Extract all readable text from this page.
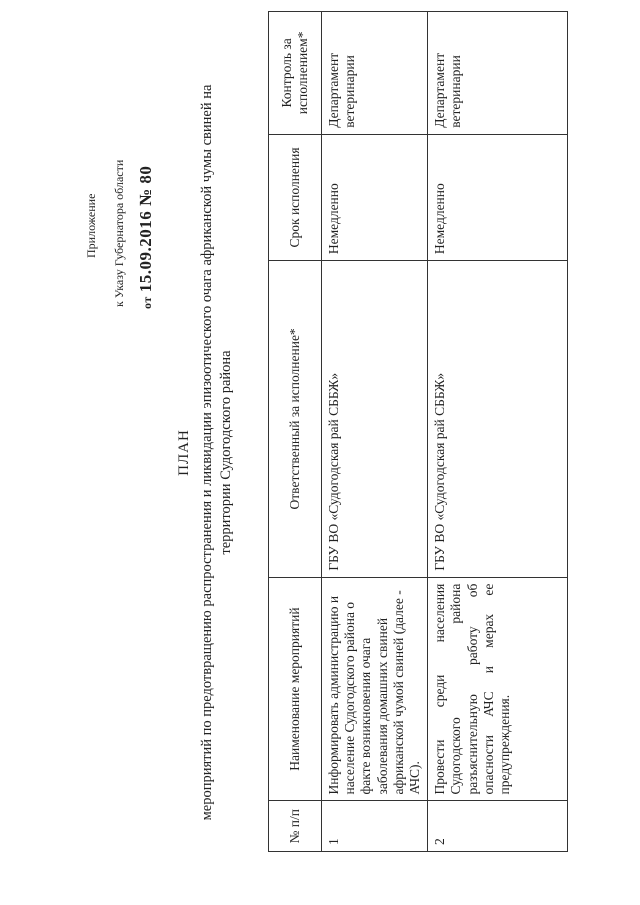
Приложение к Указу Губернатора области	от15.09.2016 № 80
ПЛАН мероприятий по предотвращению распространения и ликвидации эпизоотического очага африканской чумы свиней на территории Судогодского района
№ п/п	Наименование мероприятий	Ответственный за исполнение*	Срок исполнения	Контроль за исполнением*
1	Информировать администрацию и население Судогодского района о факте возникновения очага заболевания домашних свиней африканской чумой свиней (далее - АЧС).	ГБУ ВО «Судогодская рай СББЖ»	Немедленно	Департамент ветеринарии
2	Провести среди населения Судогодского района разъяснительную работу об опасности АЧС и мерах ее предупреждения.	ГБУ ВО «Судогодская рай СББЖ»	Немедленно	Департамент ветеринарии
